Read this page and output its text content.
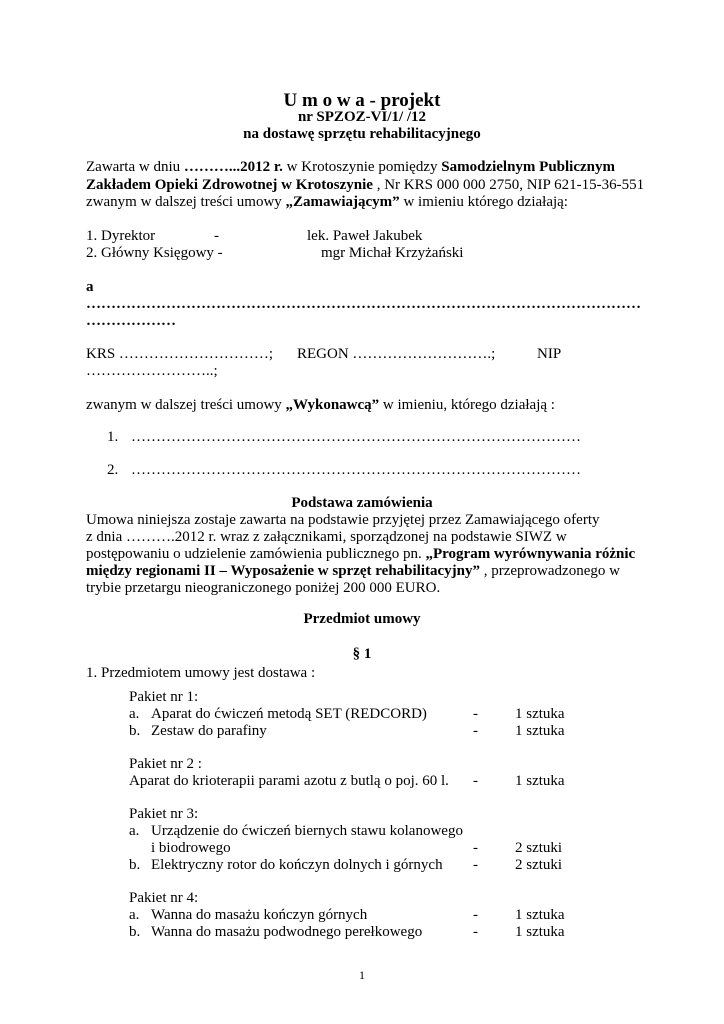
U m o w a - projekt
nr SPZOZ-VI/1/ /12
na dostawę sprzętu rehabilitacyjnego
Zawarta w dniu ………...2012 r. w Krotoszynie pomiędzy Samodzielnym Publicznym
Zakładem Opieki Zdrowotnej w Krotoszynie , Nr KRS 000 000 2750, NIP 621-15-36-551
zwanym w dalszej treści umowy „Zamawiającym” w imieniu którego działają:
1. Dyrektor	-	lek. Paweł Jakubek
2. Główny Księgowy -	mgr Michał Krzyżański
a
…………………………………………………………………………………………………
………………
KRS …………………………; REGON ……………………….;	NIP
……………………..;
zwanym w dalszej treści umowy „Wykonawcą” w imieniu, którego działają :
1. ………………………………………………………………………………
2. ………………………………………………………………………………
Podstawa zamówienia
Umowa niniejsza zostaje zawarta na podstawie przyjętej przez Zamawiającego oferty
z dnia ……….2012 r. wraz z załącznikami, sporządzonej na podstawie SIWZ w
postępowaniu o udzielenie zamówienia publicznego pn. „Program wyrównywania różnic
między regionami II – Wyposażenie w sprzęt rehabilitacyjny” , przeprowadzonego w
trybie przetargu nieograniczonego poniżej 200 000 EURO.
Przedmiot umowy
§ 1
1. Przedmiotem umowy jest dostawa :
Pakiet nr 1:
a. Aparat do ćwiczeń metodą SET (REDCORD)	- 1 sztuka
b. Zestaw do parafiny	- 1 sztuka
Pakiet nr 2 :
Aparat do krioterapii parami azotu z butlą o poj. 60 l. - 1 sztuka
Pakiet nr 3:
a. Urządzenie do ćwiczeń biernych stawu kolanowego
i biodrowego	- 2 sztuki
b. Elektryczny rotor do kończyn dolnych i górnych - 2 sztuki
Pakiet nr 4:
a. Wanna do masażu kończyn górnych	- 1 sztuka
b. Wanna do masażu podwodnego perełkowego	- 1 sztuka
1
